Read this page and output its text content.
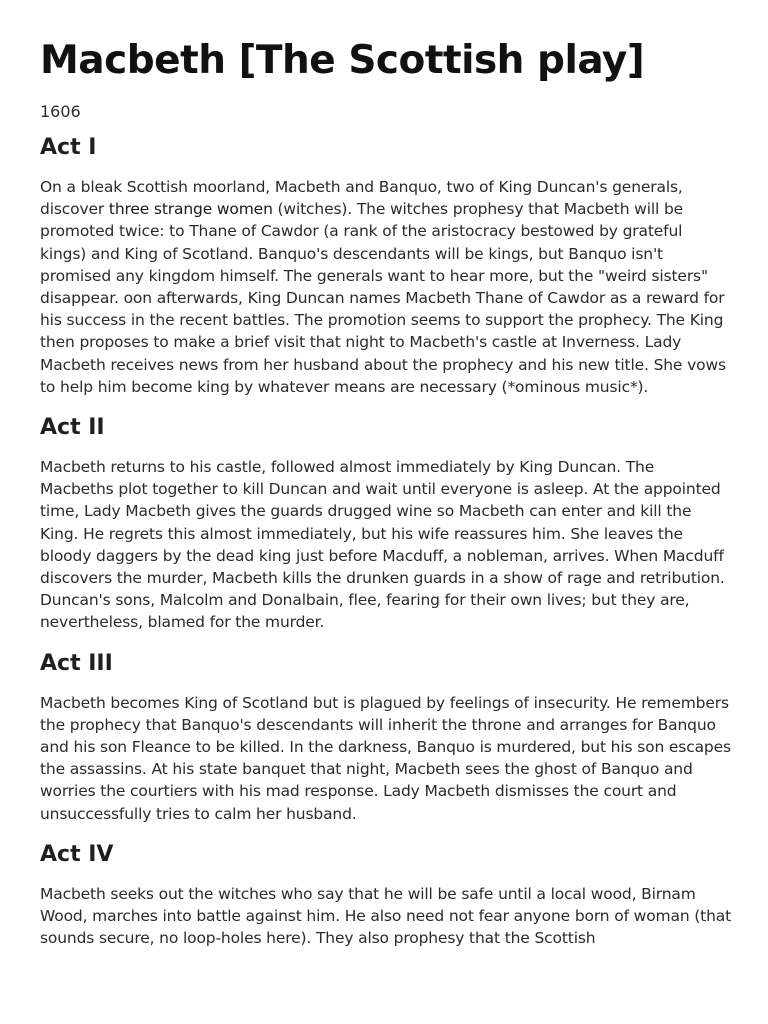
Macbeth [The Scottish play]
1606
Act I

On a bleak Scottish moorland, Macbeth and Banquo, two of King Duncan's generals, discover three strange women (witches). The witches prophesy that Macbeth will be promoted twice: to Thane of Cawdor (a rank of the aristocracy bestowed by grateful kings) and King of Scotland. Banquo's descendants will be kings, but Banquo isn't promised any kingdom himself. The generals want to hear more, but the "weird sisters" disappear. oon afterwards, King Duncan names Macbeth Thane of Cawdor as a reward for his success in the recent battles. The promotion seems to support the prophecy. The King then proposes to make a brief visit that night to Macbeth's castle at Inverness. Lady Macbeth receives news from her husband about the prophecy and his new title. She vows to help him become king by whatever means are necessary (*ominous music*).

Act II

Macbeth returns to his castle, followed almost immediately by King Duncan. The Macbeths plot together to kill Duncan and wait until everyone is asleep. At the appointed time, Lady Macbeth gives the guards drugged wine so Macbeth can enter and kill the King. He regrets this almost immediately, but his wife reassures him. She leaves the bloody daggers by the dead king just before Macduff, a nobleman, arrives. When Macduff discovers the murder, Macbeth kills the drunken guards in a show of rage and retribution. Duncan's sons, Malcolm and Donalbain, flee, fearing for their own lives; but they are, nevertheless, blamed for the murder.

Act III

Macbeth becomes King of Scotland but is plagued by feelings of insecurity. He remembers the prophecy that Banquo's descendants will inherit the throne and arranges for Banquo and his son Fleance to be killed. In the darkness, Banquo is murdered, but his son escapes the assassins. At his state banquet that night, Macbeth sees the ghost of Banquo and worries the courtiers with his mad response. Lady Macbeth dismisses the court and unsuccessfully tries to calm her husband.

Act IV

Macbeth seeks out the witches who say that he will be safe until a local wood, Birnam Wood, marches into battle against him. He also need not fear anyone born of woman (that sounds secure, no loop-holes here). They also prophesy that the Scottish
